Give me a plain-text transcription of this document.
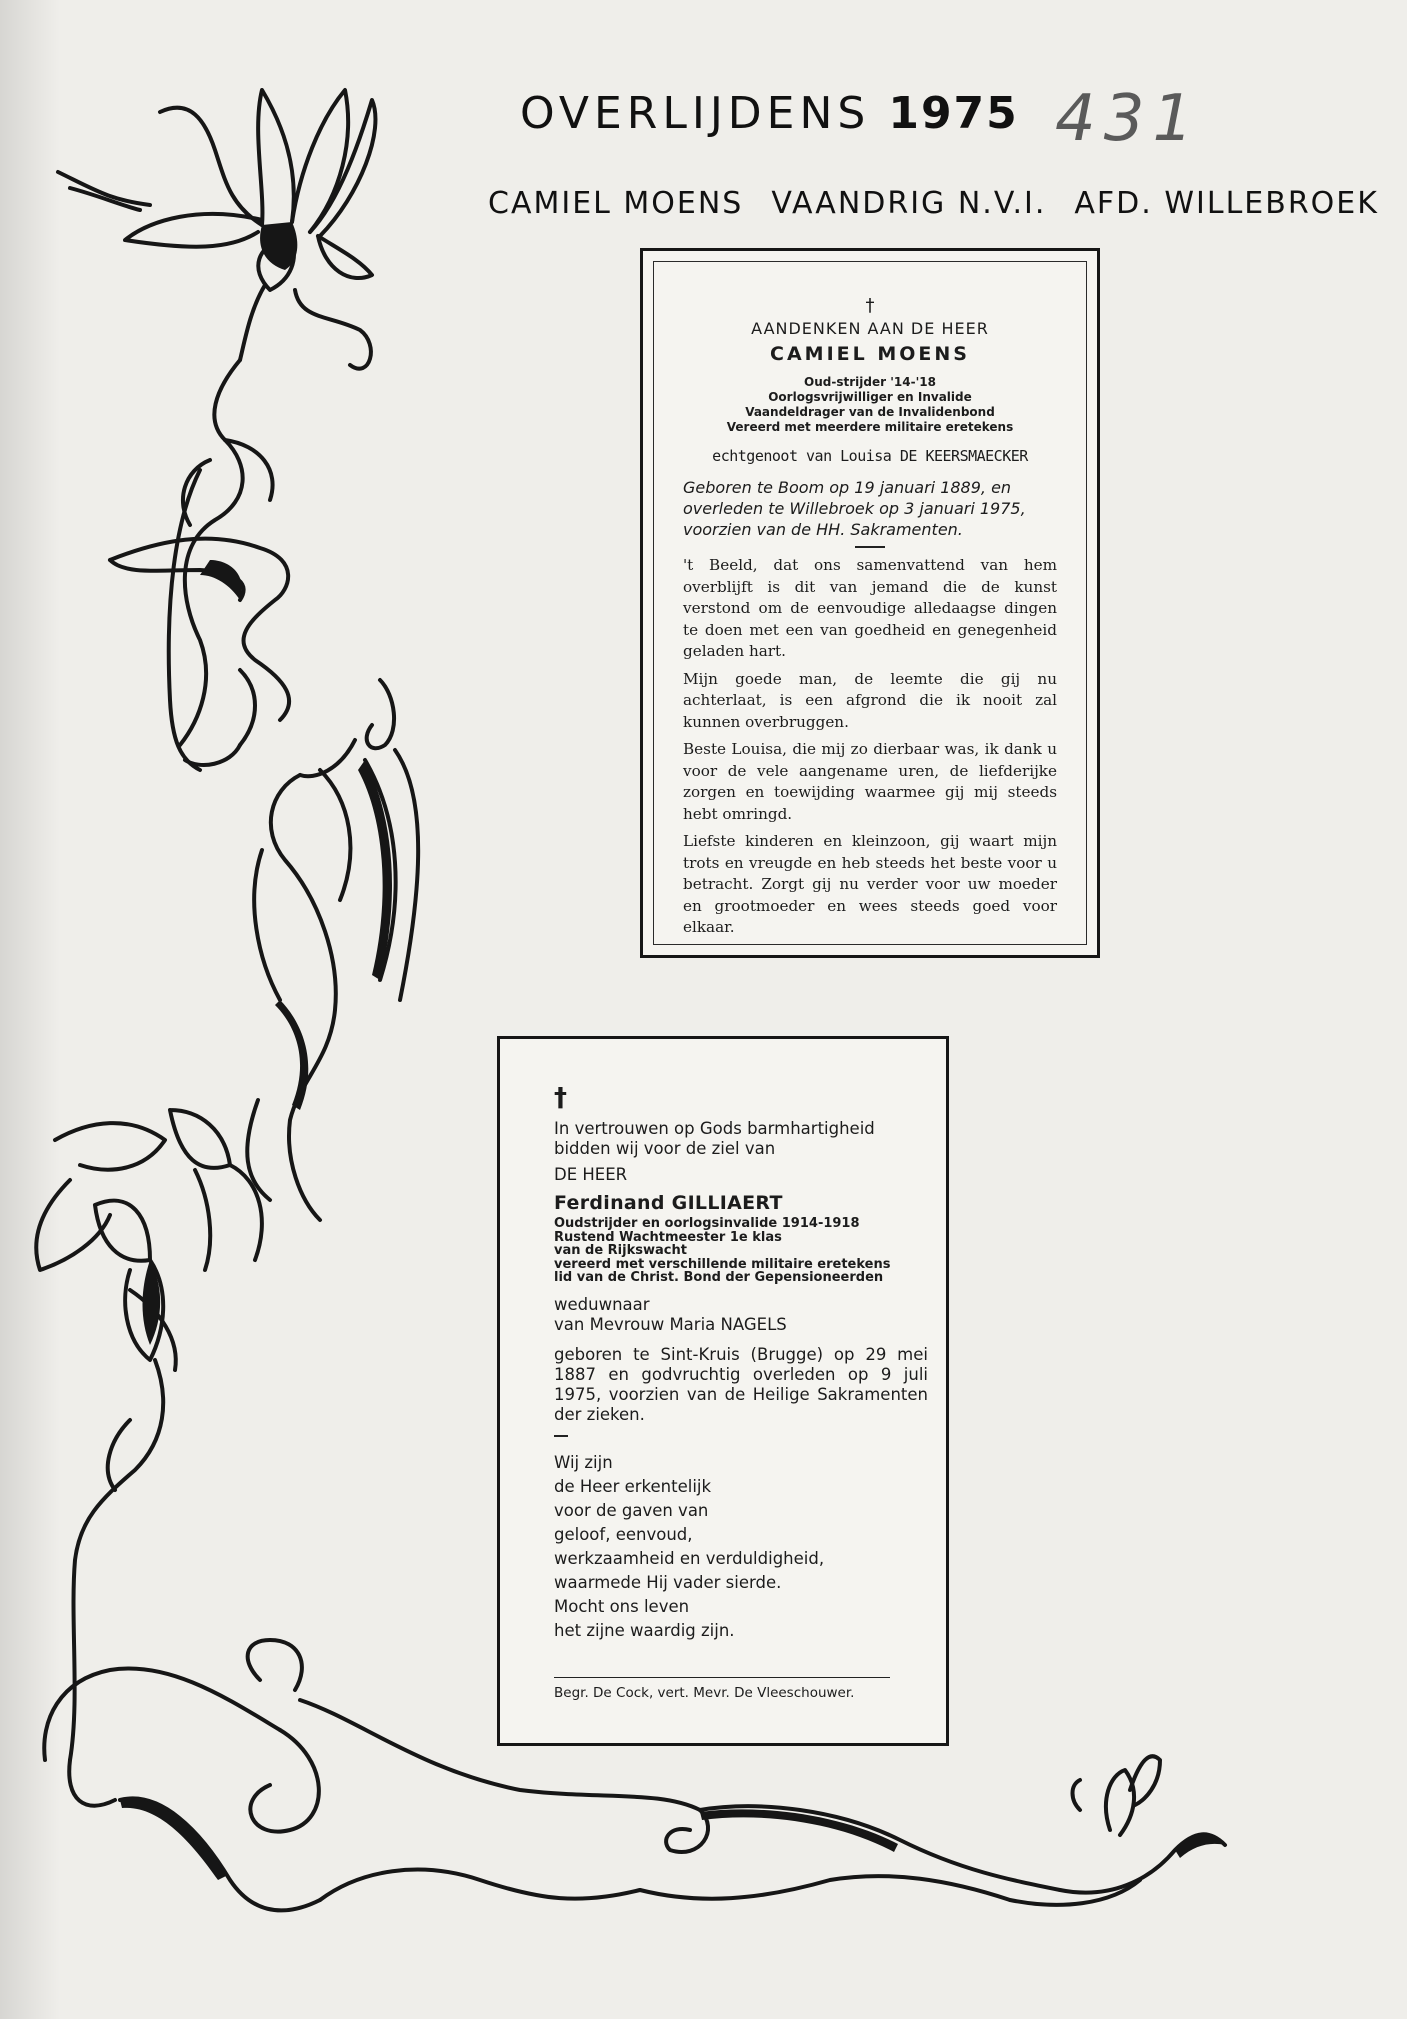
OVERLIJDENS 1975 431
CAMIEL MOENS VAANDRIG N.V.I. AFD. WILLEBROEK
†
AANDENKEN AAN DE HEER
CAMIEL MOENS
Oud-strijder '14-'18
Oorlogsvrijwilliger en Invalide
Vaandeldrager van de Invalidenbond
Vereerd met meerdere militaire eretekens
echtgenoot van Louisa DE KEERSMAECKER
Geboren te Boom op 19 januari 1889, en overleden te Willebroek op 3 januari 1975, voorzien van de HH. Sakramenten.

't Beeld, dat ons samenvattend van hem overblijft is dit van jemand die de kunst verstond om de eenvoudige alledaagse dingen te doen met een van goedheid en genegenheid geladen hart.

Mijn goede man, de leemte die gij nu achterlaat, is een afgrond die ik nooit zal kunnen overbruggen.

Beste Louisa, die mij zo dierbaar was, ik dank u voor de vele aangename uren, de liefderijke zorgen en toewijding waarmee gij mij steeds hebt omringd.

Liefste kinderen en kleinzoon, gij waart mijn trots en vreugde en heb steeds het beste voor u betracht. Zorgt gij nu verder voor uw moeder en grootmoeder en wees steeds goed voor elkaar.

†
In vertrouwen op Gods barmhartigheid
bidden wij voor de ziel van
DE HEER
Ferdinand GILLIAERT
Oudstrijder en oorlogsinvalide 1914-1918
Rustend Wachtmeester 1e klas
van de Rijkswacht
vereerd met verschillende militaire eretekens
lid van de Christ. Bond der Gepensioneerden
weduwnaar
van Mevrouw Maria NAGELS
geboren te Sint-Kruis (Brugge) op 29 mei 1887 en godvruchtig overleden op 9 juli 1975, voorzien van de Heilige Sakramenten der zieken.
Wij zijn
de Heer erkentelijk
voor de gaven van
geloof, eenvoud,
werkzaamheid en verduldigheid,
waarmede Hij vader sierde.
Mocht ons leven
het zijne waardig zijn.
Begr. De Cock, vert. Mevr. De Vleeschouwer.
